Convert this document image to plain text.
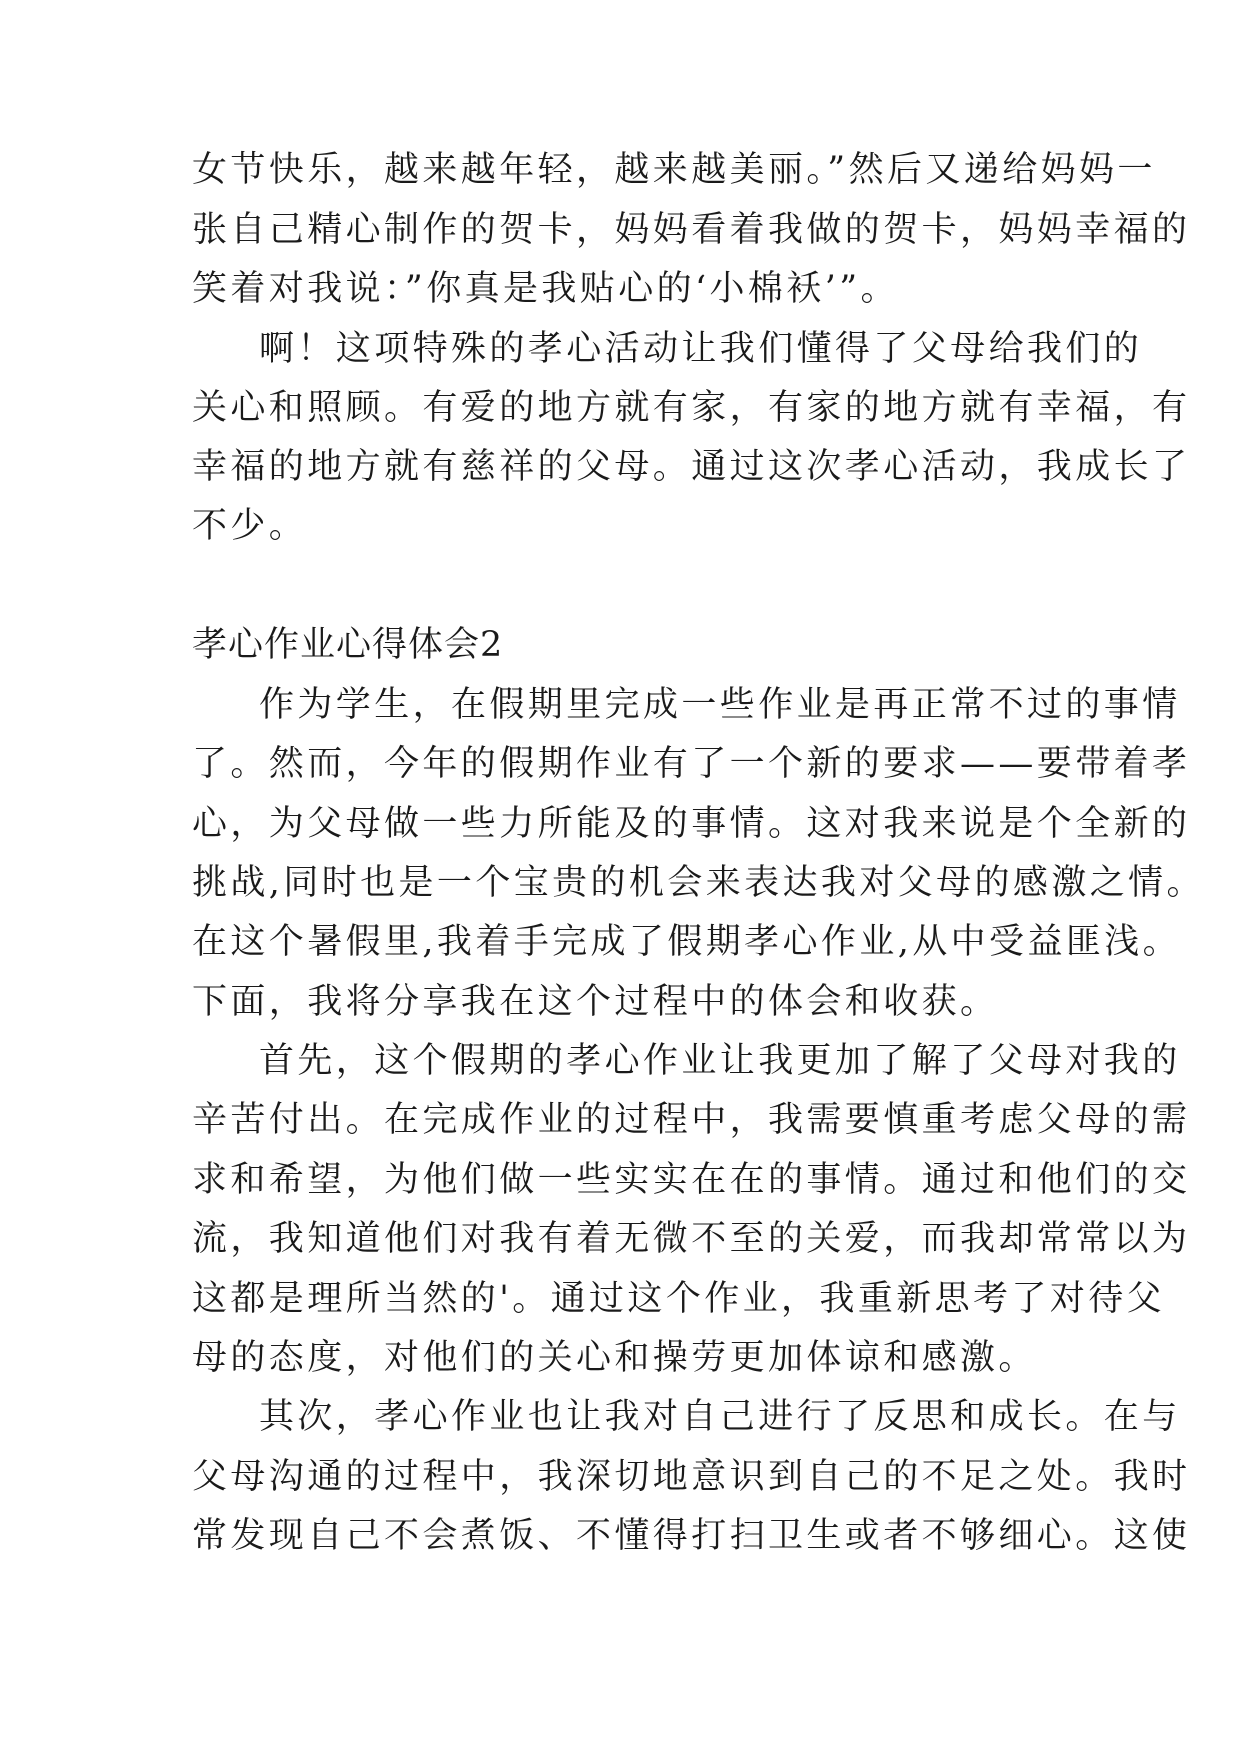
女节快乐，越来越年轻，越来越美丽。”然后又递给妈妈一
张自己精心制作的贺卡，妈妈看着我做的贺卡，妈妈幸福的
笑着对我说：”你真是我贴心的‘小棉袄’”。
啊！这项特殊的孝心活动让我们懂得了父母给我们的
关心和照顾。有爱的地方就有家，有家的地方就有幸福，有
幸福的地方就有慈祥的父母。通过这次孝心活动，我成长了
不少。
孝心作业心得体会2
作为学生，在假期里完成一些作业是再正常不过的事情
了。然而，今年的假期作业有了一个新的要求——要带着孝
心，为父母做一些力所能及的事情。这对我来说是个全新的
挑战,同时也是一个宝贵的机会来表达我对父母的感激之情。
在这个暑假里,我着手完成了假期孝心作业,从中受益匪浅。
下面，我将分享我在这个过程中的体会和收获。
首先，这个假期的孝心作业让我更加了解了父母对我的
辛苦付出。在完成作业的过程中，我需要慎重考虑父母的需
求和希望，为他们做一些实实在在的事情。通过和他们的交
流，我知道他们对我有着无微不至的关爱，而我却常常以为
这都是理所当然的'。通过这个作业，我重新思考了对待父
母的态度，对他们的关心和操劳更加体谅和感激。
其次，孝心作业也让我对自己进行了反思和成长。在与
父母沟通的过程中，我深切地意识到自己的不足之处。我时
常发现自己不会煮饭、不懂得打扫卫生或者不够细心。这使
